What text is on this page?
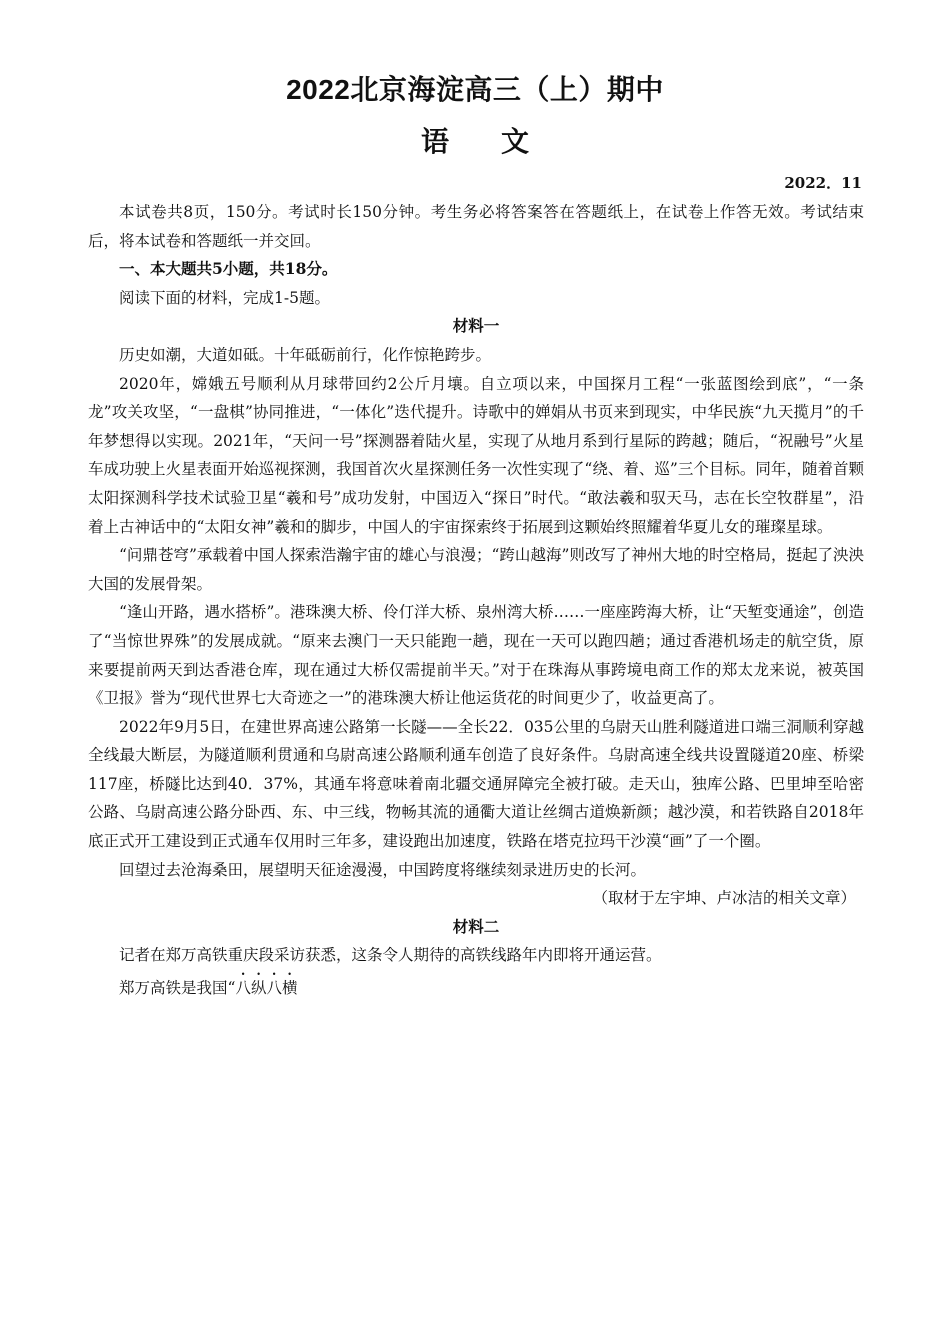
2022北京海淀高三（上）期中
语文
2022．11

本试卷共8页，150分。考试时长150分钟。考生务必将答案答在答题纸上，在试卷上作答无效。考试结束后，将本试卷和答题纸一并交回。

一、本大题共5小题，共18分。

阅读下面的材料，完成1-5题。

材料一

历史如潮，大道如砥。十年砥砺前行，化作惊艳跨步。

2020年，嫦娥五号顺利从月球带回约2公斤月壤。自立项以来，中国探月工程“一张蓝图绘到底”，“一条龙”攻关攻坚，“一盘棋”协同推进，“一体化”迭代提升。诗歌中的婵娟从书页来到现实，中华民族“九天揽月”的千年梦想得以实现。2021年，“天问一号”探测器着陆火星，实现了从地月系到行星际的跨越；随后，“祝融号”火星车成功驶上火星表面开始巡视探测，我国首次火星探测任务一次性实现了“绕、着、巡”三个目标。同年，随着首颗太阳探测科学技术试验卫星“羲和号”成功发射，中国迈入“探日”时代。“敢法羲和驭天马，志在长空牧群星”，沿着上古神话中的“太阳女神”羲和的脚步，中国人的宇宙探索终于拓展到这颗始终照耀着华夏儿女的璀璨星球。

“问鼎苍穹”承载着中国人探索浩瀚宇宙的雄心与浪漫；“跨山越海”则改写了神州大地的时空格局，挺起了泱泱大国的发展骨架。

“逢山开路，遇水搭桥”。港珠澳大桥、伶仃洋大桥、泉州湾大桥……一座座跨海大桥，让“天堑变通途”，创造了“当惊世界殊”的发展成就。“原来去澳门一天只能跑一趟，现在一天可以跑四趟；通过香港机场走的航空货，原来要提前两天到达香港仓库，现在通过大桥仅需提前半天。”对于在珠海从事跨境电商工作的郑太龙来说，被英国《卫报》誉为“现代世界七大奇迹之一”的港珠澳大桥让他运货花的时间更少了，收益更高了。

2022年9月5日，在建世界高速公路第一长隧——全长22．035公里的乌尉天山胜利隧道进口端三洞顺利穿越全线最大断层，为隧道顺利贯通和乌尉高速公路顺利通车创造了良好条件。乌尉高速全线共设置隧道20座、桥梁117座，桥隧比达到40．37%，其通车将意味着南北疆交通屏障完全被打破。走天山，独库公路、巴里坤至哈密公路、乌尉高速公路分卧西、东、中三线，物畅其流的通衢大道让丝绸古道焕新颜；越沙漠，和若铁路自2018年底正式开工建设到正式通车仅用时三年多，建设跑出加速度，铁路在塔克拉玛干沙漠“画”了一个圈。

回望过去沧海桑田，展望明天征途漫漫，中国跨度将继续刻录进历史的长河。

（取材于左宇坤、卢冰洁的相关文章）

材料二

记者在郑万高铁重庆段采访获悉，这条令人期待的高铁线路年内即将开通运营。

郑万高铁是我国“八纵八横
